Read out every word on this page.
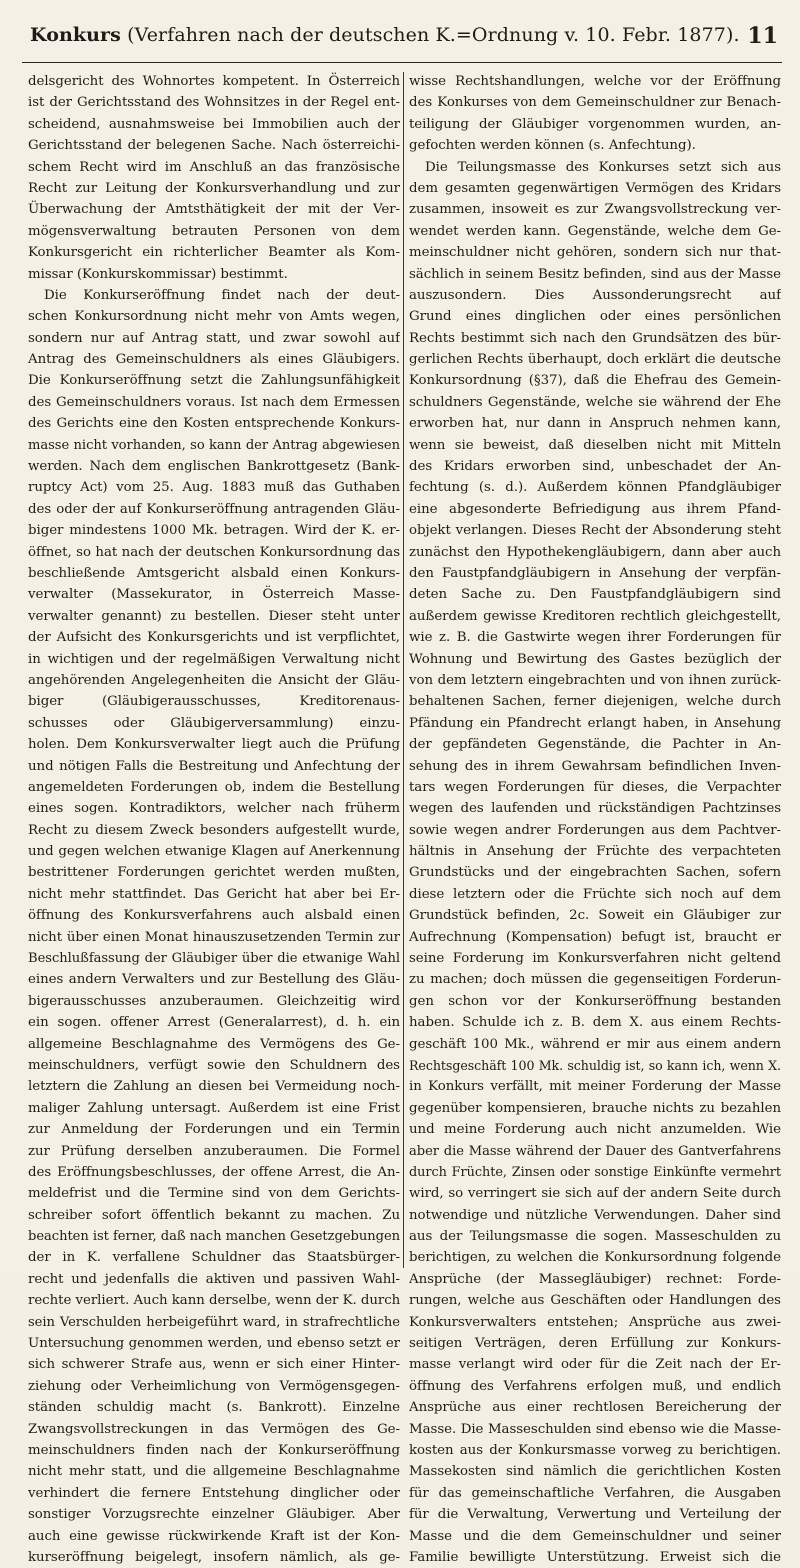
Konkurs (Verfahren nach der deutschen K.=Ordnung v. 10. Febr. 1877). 11
delsgericht des Wohnortes kompetent. In Österreich
ist der Gerichtsstand des Wohnsitzes in der Regel ent-
scheidend, ausnahmsweise bei Immobilien auch der
Gerichtsstand der belegenen Sache. Nach österreichi-
schem Recht wird im Anschluß an das französische
Recht zur Leitung der Konkursverhandlung und zur
Überwachung der Amtsthätigkeit der mit der Ver-
mögensverwaltung betrauten Personen von dem
Konkursgericht ein richterlicher Beamter als Kom-
missar (Konkurskommissar) bestimmt.
Die Konkurseröffnung findet nach der deut-
schen Konkursordnung nicht mehr von Amts wegen,
sondern nur auf Antrag statt, und zwar sowohl auf
Antrag des Gemeinschuldners als eines Gläubigers.
Die Konkurseröffnung setzt die Zahlungsunfähigkeit
des Gemeinschuldners voraus. Ist nach dem Ermessen
des Gerichts eine den Kosten entsprechende Konkurs-
masse nicht vorhanden, so kann der Antrag abgewiesen
werden. Nach dem englischen Bankrottgesetz (Bank-
ruptcy Act) vom 25. Aug. 1883 muß das Guthaben
des oder der auf Konkurseröffnung antragenden Gläu-
biger mindestens 1000 Mk. betragen. Wird der K. er-
öffnet, so hat nach der deutschen Konkursordnung das
beschließende Amtsgericht alsbald einen Konkurs-
verwalter (Massekurator, in Österreich Masse-
verwalter genannt) zu bestellen. Dieser steht unter
der Aufsicht des Konkursgerichts und ist verpflichtet,
in wichtigen und der regelmäßigen Verwaltung nicht
angehörenden Angelegenheiten die Ansicht der Gläu-
biger (Gläubigerausschusses, Kreditorenaus-
schusses oder Gläubigerversammlung) einzu-
holen. Dem Konkursverwalter liegt auch die Prüfung
und nötigen Falls die Bestreitung und Anfechtung der
angemeldeten Forderungen ob, indem die Bestellung
eines sogen. Kontradiktors, welcher nach früherm
Recht zu diesem Zweck besonders aufgestellt wurde,
und gegen welchen etwanige Klagen auf Anerkennung
bestrittener Forderungen gerichtet werden mußten,
nicht mehr stattfindet. Das Gericht hat aber bei Er-
öffnung des Konkursverfahrens auch alsbald einen
nicht über einen Monat hinauszusetzenden Termin zur
Beschlußfassung der Gläubiger über die etwanige Wahl
eines andern Verwalters und zur Bestellung des Gläu-
bigerausschusses anzuberaumen. Gleichzeitig wird
ein sogen. offener Arrest (Generalarrest), d. h. ein
allgemeine Beschlagnahme des Vermögens des Ge-
meinschuldners, verfügt sowie den Schuldnern des
letztern die Zahlung an diesen bei Vermeidung noch-
maliger Zahlung untersagt. Außerdem ist eine Frist
zur Anmeldung der Forderungen und ein Termin
zur Prüfung derselben anzuberaumen. Die Formel
des Eröffnungsbeschlusses, der offene Arrest, die An-
meldefrist und die Termine sind von dem Gerichts-
schreiber sofort öffentlich bekannt zu machen. Zu
beachten ist ferner, daß nach manchen Gesetzgebungen
der in K. verfallene Schuldner das Staatsbürger-
recht und jedenfalls die aktiven und passiven Wahl-
rechte verliert. Auch kann derselbe, wenn der K. durch
sein Verschulden herbeigeführt ward, in strafrechtliche
Untersuchung genommen werden, und ebenso setzt er
sich schwerer Strafe aus, wenn er sich einer Hinter-
ziehung oder Verheimlichung von Vermögensgegen-
ständen schuldig macht (s. Bankrott). Einzelne
Zwangsvollstreckungen in das Vermögen des Ge-
meinschuldners finden nach der Konkurseröffnung
nicht mehr statt, und die allgemeine Beschlagnahme
verhindert die fernere Entstehung dinglicher oder
sonstiger Vorzugsrechte einzelner Gläubiger. Aber
auch eine gewisse rückwirkende Kraft ist der Kon-
kurseröffnung beigelegt, insofern nämlich, als ge-
wisse Rechtshandlungen, welche vor der Eröffnung
des Konkurses von dem Gemeinschuldner zur Benach-
teiligung der Gläubiger vorgenommen wurden, an-
gefochten werden können (s. Anfechtung).
Die Teilungsmasse des Konkurses setzt sich aus
dem gesamten gegenwärtigen Vermögen des Kridars
zusammen, insoweit es zur Zwangsvollstreckung ver-
wendet werden kann. Gegenstände, welche dem Ge-
meinschuldner nicht gehören, sondern sich nur that-
sächlich in seinem Besitz befinden, sind aus der Masse
auszusondern. Dies Aussonderungsrecht auf
Grund eines dinglichen oder eines persönlichen
Rechts bestimmt sich nach den Grundsätzen des bür-
gerlichen Rechts überhaupt, doch erklärt die deutsche
Konkursordnung (§37), daß die Ehefrau des Gemein-
schuldners Gegenstände, welche sie während der Ehe
erworben hat, nur dann in Anspruch nehmen kann,
wenn sie beweist, daß dieselben nicht mit Mitteln
des Kridars erworben sind, unbeschadet der An-
fechtung (s. d.). Außerdem können Pfandgläubiger
eine abgesonderte Befriedigung aus ihrem Pfand-
objekt verlangen. Dieses Recht der Absonderung steht
zunächst den Hypothekengläubigern, dann aber auch
den Faustpfandgläubigern in Ansehung der verpfän-
deten Sache zu. Den Faustpfandgläubigern sind
außerdem gewisse Kreditoren rechtlich gleichgestellt,
wie z. B. die Gastwirte wegen ihrer Forderungen für
Wohnung und Bewirtung des Gastes bezüglich der
von dem letztern eingebrachten und von ihnen zurück-
behaltenen Sachen, ferner diejenigen, welche durch
Pfändung ein Pfandrecht erlangt haben, in Ansehung
der gepfändeten Gegenstände, die Pachter in An-
sehung des in ihrem Gewahrsam befindlichen Inven-
tars wegen Forderungen für dieses, die Verpachter
wegen des laufenden und rückständigen Pachtzinses
sowie wegen andrer Forderungen aus dem Pachtver-
hältnis in Ansehung der Früchte des verpachteten
Grundstücks und der eingebrachten Sachen, sofern
diese letztern oder die Früchte sich noch auf dem
Grundstück befinden, 2c. Soweit ein Gläubiger zur
Aufrechnung (Kompensation) befugt ist, braucht er
seine Forderung im Konkursverfahren nicht geltend
zu machen; doch müssen die gegenseitigen Forderun-
gen schon vor der Konkurseröffnung bestanden
haben. Schulde ich z. B. dem X. aus einem Rechts-
geschäft 100 Mk., während er mir aus einem andern
Rechtsgeschäft 100 Mk. schuldig ist, so kann ich, wenn X.
in Konkurs verfällt, mit meiner Forderung der Masse
gegenüber kompensieren, brauche nichts zu bezahlen
und meine Forderung auch nicht anzumelden. Wie
aber die Masse während der Dauer des Gantverfahrens
durch Früchte, Zinsen oder sonstige Einkünfte vermehrt
wird, so verringert sie sich auf der andern Seite durch
notwendige und nützliche Verwendungen. Daher sind
aus der Teilungsmasse die sogen. Masseschulden zu
berichtigen, zu welchen die Konkursordnung folgende
Ansprüche (der Massegläubiger) rechnet: Forde-
rungen, welche aus Geschäften oder Handlungen des
Konkursverwalters entstehen; Ansprüche aus zwei-
seitigen Verträgen, deren Erfüllung zur Konkurs-
masse verlangt wird oder für die Zeit nach der Er-
öffnung des Verfahrens erfolgen muß, und endlich
Ansprüche aus einer rechtlosen Bereicherung der
Masse. Die Masseschulden sind ebenso wie die Masse-
kosten aus der Konkursmasse vorweg zu berichtigen.
Massekosten sind nämlich die gerichtlichen Kosten
für das gemeinschaftliche Verfahren, die Ausgaben
für die Verwaltung, Verwertung und Verteilung der
Masse und die dem Gemeinschuldner und seiner
Familie bewilligte Unterstützung. Erweist sich die
